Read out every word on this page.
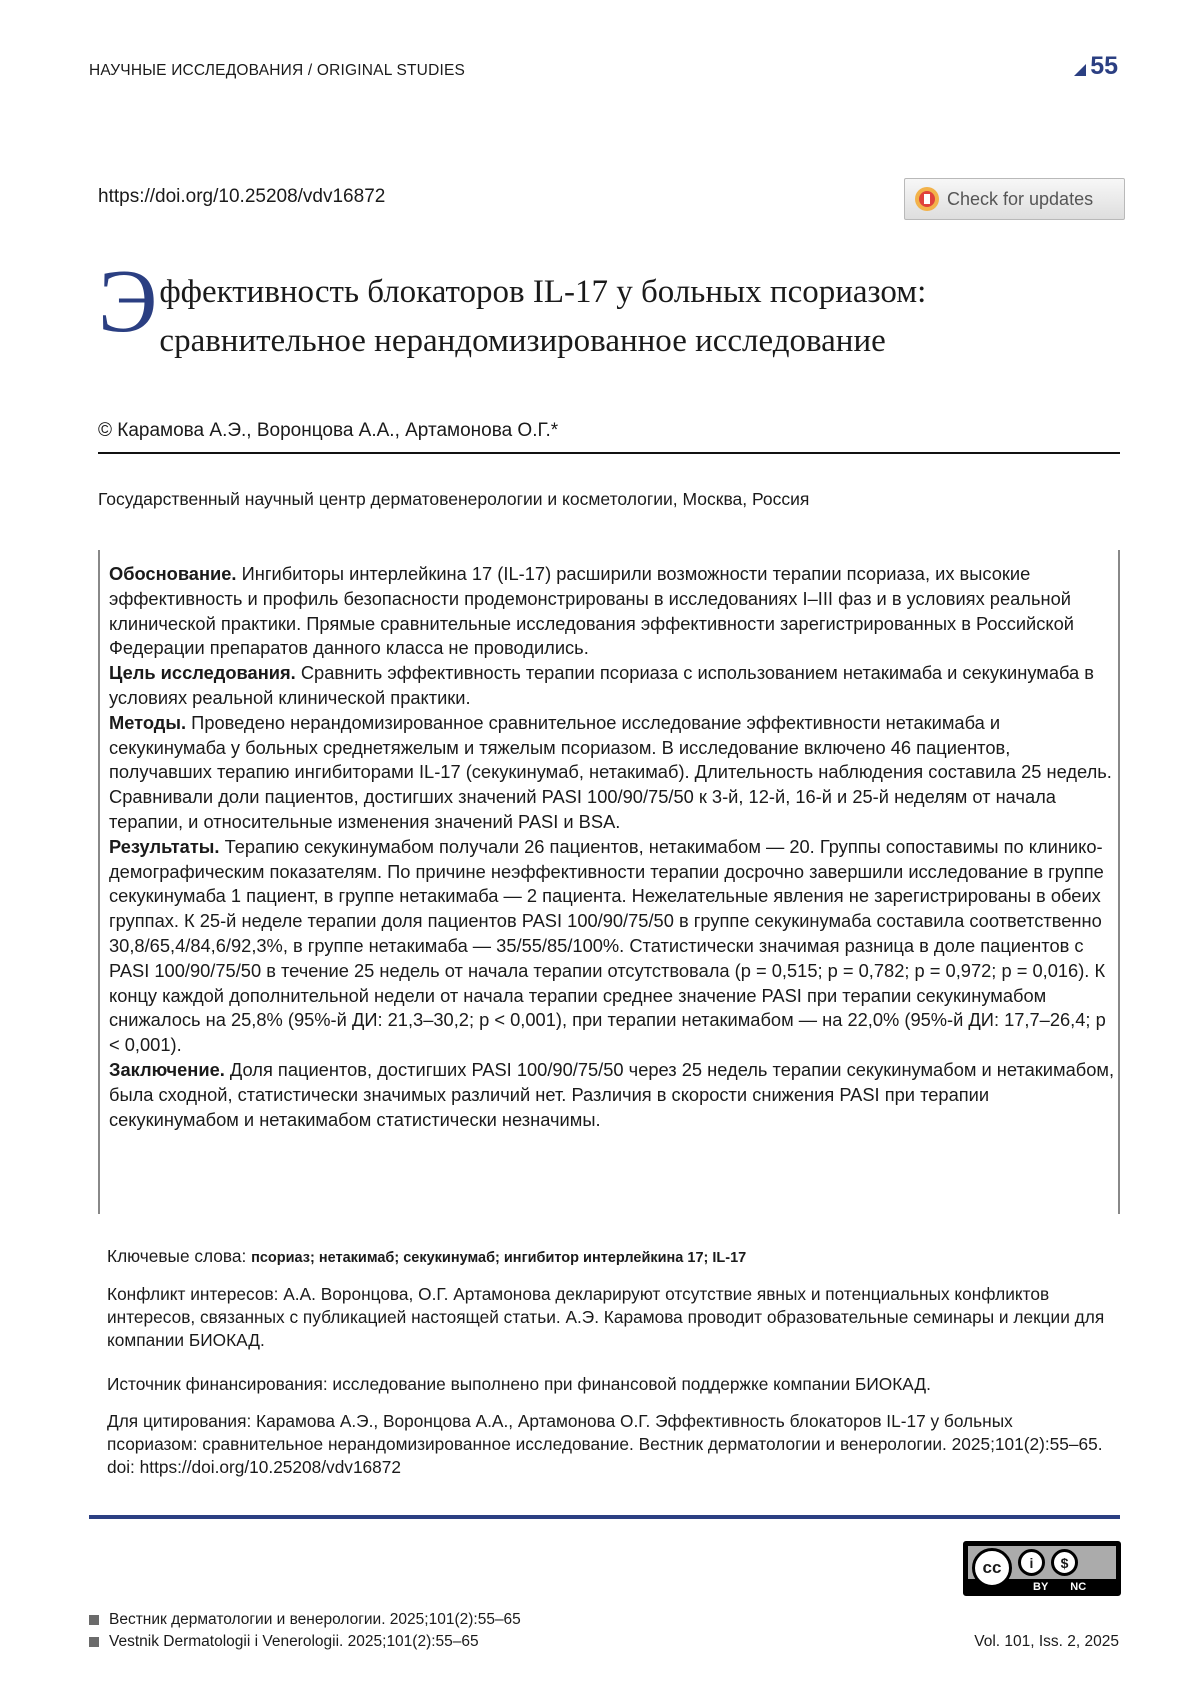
НАУЧНЫЕ ИССЛЕДОВАНИЯ / ORIGINAL STUDIES	55
https://doi.org/10.25208/vdv16872	Check for updates
Эффективность блокаторов IL-17 у больных псориазом: сравнительное нерандомизированное исследование
© Карамова А.Э., Воронцова А.А., Артамонова О.Г.*
Государственный научный центр дерматовенерологии и косметологии, Москва, Россия

Обоснование. Ингибиторы интерлейкина 17 (IL-17) расширили возможности терапии псориаза, их высокие эффективность и профиль безопасности продемонстрированы в исследованиях I–III фаз и в условиях реальной клинической практики. Прямые сравнительные исследования эффективности зарегистрированных в Российской Федерации препаратов данного класса не проводились.

Цель исследования. Сравнить эффективность терапии псориаза с использованием нетакимаба и секукинумаба в условиях реальной клинической практики.

Методы. Проведено нерандомизированное сравнительное исследование эффективности нетакимаба и секукинумаба у больных среднетяжелым и тяжелым псориазом. В исследование включено 46 пациентов, получавших терапию ингибиторами IL-17 (секукинумаб, нетакимаб). Длительность наблюдения составила 25 недель. Сравнивали доли пациентов, достигших значений PASI 100/90/75/50 к 3-й, 12-й, 16-й и 25-й неделям от начала терапии, и относительные изменения значений PASI и BSA.

Результаты. Терапию секукинумабом получали 26 пациентов, нетакимабом — 20. Группы сопоставимы по клинико-демографическим показателям. По причине неэффективности терапии досрочно завершили исследование в группе секукинумаба 1 пациент, в группе нетакимаба — 2 пациента. Нежелательные явления не зарегистрированы в обеих группах. К 25-й неделе терапии доля пациентов PASI 100/90/75/50 в группе секукинумаба составила соответственно 30,8/65,4/84,6/92,3%, в группе нетакимаба — 35/55/85/100%. Статистически значимая разница в доле пациентов с PASI 100/90/75/50 в течение 25 недель от начала терапии отсутствовала (p = 0,515; p = 0,782; p = 0,972; p = 0,016). К концу каждой дополнительной недели от начала терапии среднее значение PASI при терапии секукинумабом снижалось на 25,8% (95%-й ДИ: 21,3–30,2; p < 0,001), при терапии нетакимабом — на 22,0% (95%-й ДИ: 17,7–26,4; p < 0,001).

Заключение. Доля пациентов, достигших PASI 100/90/75/50 через 25 недель терапии секукинумабом и нетакимабом, была сходной, статистически значимых различий нет. Различия в скорости снижения PASI при терапии секукинумабом и нетакимабом статистически незначимы.

Ключевые слова: псориаз; нетакимаб; секукинумаб; ингибитор интерлейкина 17; IL-17
Конфликт интересов: А.А. Воронцова, О.Г. Артамонова декларируют отсутствие явных и потенциальных конфликтов интересов, связанных с публикацией настоящей статьи. А.Э. Карамова проводит образовательные семинары и лекции для компании БИОКАД.
Источник финансирования: исследование выполнено при финансовой поддержке компании БИОКАД.
Для цитирования: Карамова А.Э., Воронцова А.А., Артамонова О.Г. Эффективность блокаторов IL-17 у больных псориазом: сравнительное нерандомизированное исследование. Вестник дерматологии и венерологии. 2025;101(2):55–65. doi: https://doi.org/10.25208/vdv16872
cc	i	$
BY NC
Вестник дерматологии и венерологии. 2025;101(2):55–65
Vestnik Dermatologii i Venerologii. 2025;101(2):55–65	Vol. 101, Iss. 2, 2025
